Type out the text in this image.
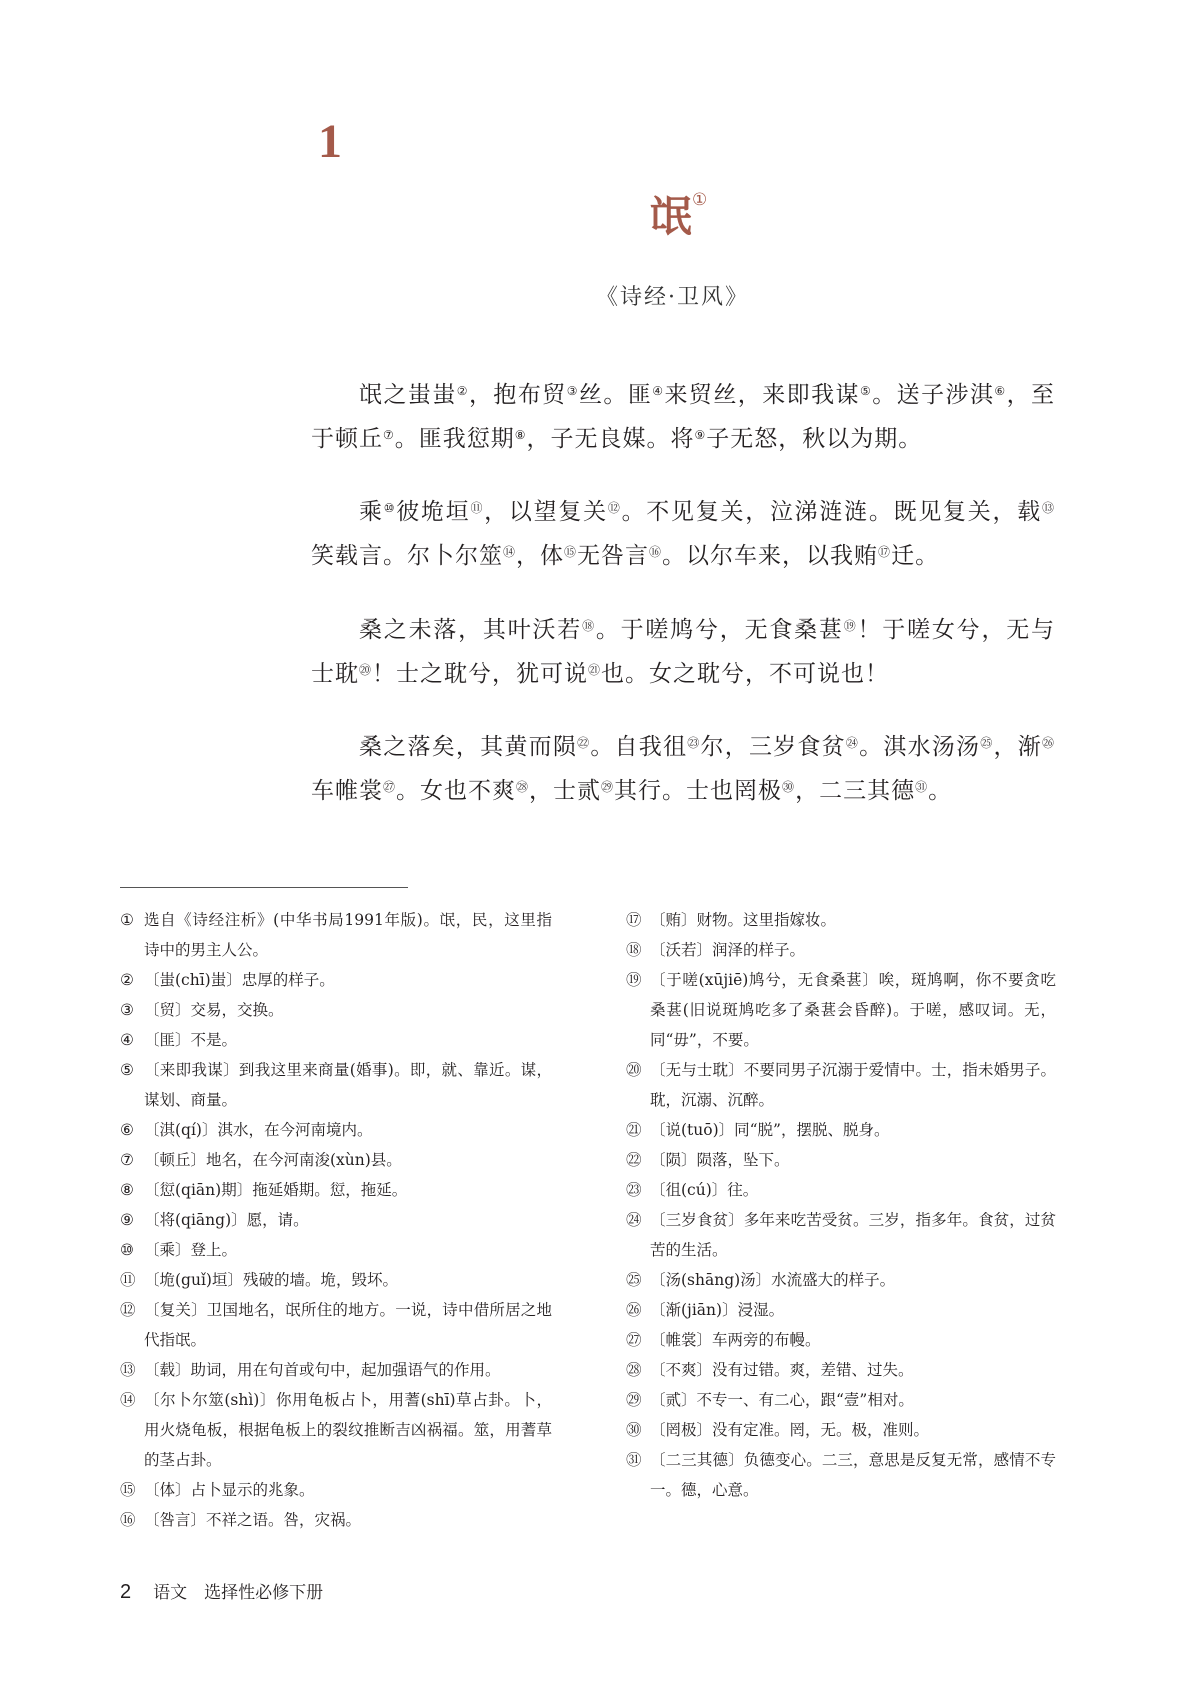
1
氓①
《诗经·卫风》

氓之蚩蚩②，抱布贸③丝。匪④来贸丝，来即我谋⑤。送子涉淇⑥，至于顿丘⑦。匪我愆期⑧，子无良媒。将⑨子无怒，秋以为期。

乘⑩彼垝垣⑪，以望复关⑫。不见复关，泣涕涟涟。既见复关，载⑬笑载言。尔卜尔筮⑭，体⑮无咎言⑯。以尔车来，以我贿⑰迁。

桑之未落，其叶沃若⑱。于嗟鸠兮，无食桑葚⑲！于嗟女兮，无与士耽⑳！士之耽兮，犹可说$^㉑$也。女之耽兮，不可说也！

桑之落矣，其黄而陨$^㉒$。自我徂$^㉓$尔，三岁食贫$^㉔$。淇水汤汤$^㉕$，渐$^㉖$车帷裳$^㉗$。女也不爽$^㉘$，士贰$^㉙$其行。士也罔极$^㉚$，二三其德$^㉛$。

① 选自《诗经注析》(中华书局1991年版)。氓，民，这里指诗中的男主人公。
② 〔蚩(chī)蚩〕忠厚的样子。
③ 〔贸〕交易，交换。
④ 〔匪〕不是。
⑤ 〔来即我谋〕到我这里来商量(婚事)。即，就、靠近。谋，谋划、商量。
⑥ 〔淇(qí)〕淇水，在今河南境内。
⑦ 〔顿丘〕地名，在今河南浚(xùn)县。
⑧ 〔愆(qiān)期〕拖延婚期。愆，拖延。
⑨ 〔将(qiāng)〕愿，请。
⑩ 〔乘〕登上。
⑪ 〔垝(guǐ)垣〕残破的墙。垝，毁坏。
⑫ 〔复关〕卫国地名，氓所住的地方。一说，诗中借所居之地代指氓。
⑬ 〔载〕助词，用在句首或句中，起加强语气的作用。
⑭ 〔尔卜尔筮(shì)〕你用龟板占卜，用蓍(shī)草占卦。卜，用火烧龟板，根据龟板上的裂纹推断吉凶祸福。筮，用蓍草的茎占卦。
⑮ 〔体〕占卜显示的兆象。
⑯ 〔咎言〕不祥之语。咎，灾祸。
⑰ 〔贿〕财物。这里指嫁妆。
⑱ 〔沃若〕润泽的样子。
⑲ 〔于嗟(xūjiē)鸠兮，无食桑葚〕唉，斑鸠啊，你不要贪吃桑葚(旧说斑鸠吃多了桑葚会昏醉)。于嗟，感叹词。无，同“毋”，不要。
⑳ 〔无与士耽〕不要同男子沉溺于爱情中。士，指未婚男子。耽，沉溺、沉醉。
㉑ 〔说(tuō)〕同“脱”，摆脱、脱身。
㉒ 〔陨〕陨落，坠下。
㉓ 〔徂(cú)〕往。
㉔ 〔三岁食贫〕多年来吃苦受贫。三岁，指多年。食贫，过贫苦的生活。
㉕ 〔汤(shāng)汤〕水流盛大的样子。
㉖ 〔渐(jiān)〕浸湿。
㉗ 〔帷裳〕车两旁的布幔。
㉘ 〔不爽〕没有过错。爽，差错、过失。
㉙ 〔贰〕不专一、有二心，跟“壹”相对。
㉚ 〔罔极〕没有定准。罔，无。极，准则。
㉛ 〔二三其德〕负德变心。二三，意思是反复无常，感情不专一。德，心意。
2 语文　选择性必修下册
